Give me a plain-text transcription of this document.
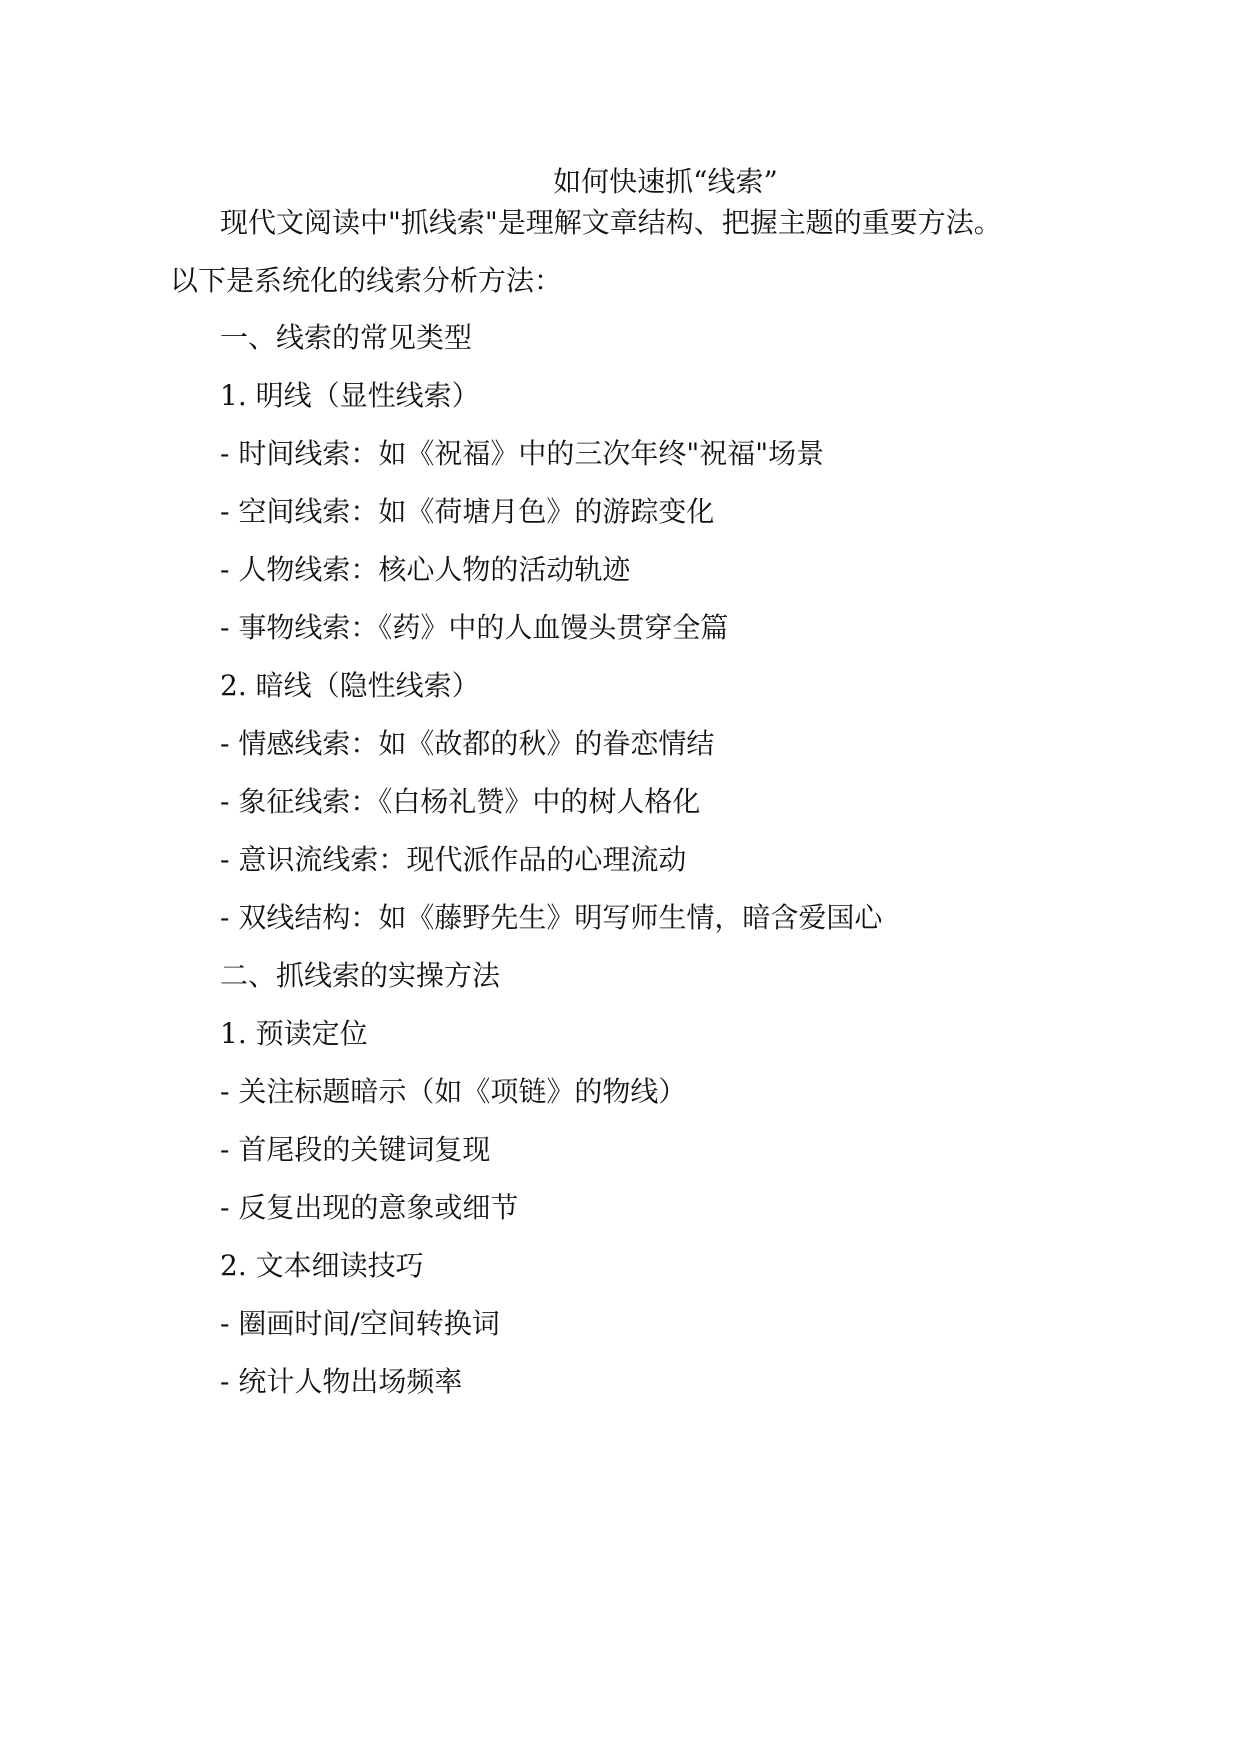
如何快速抓“线索”
现代文阅读中"抓线索"是理解文章结构、把握主题的重要方法。
以下是系统化的线索分析方法：
一、线索的常见类型
1. 明线（显性线索）
- 时间线索：如《祝福》中的三次年终"祝福"场景
- 空间线索：如《荷塘月色》的游踪变化
- 人物线索：核心人物的活动轨迹
- 事物线索：《药》中的人血馒头贯穿全篇
2. 暗线（隐性线索）
- 情感线索：如《故都的秋》的眷恋情结
- 象征线索：《白杨礼赞》中的树人格化
- 意识流线索：现代派作品的心理流动
- 双线结构：如《藤野先生》明写师生情，暗含爱国心
二、抓线索的实操方法
1. 预读定位
- 关注标题暗示（如《项链》的物线）
- 首尾段的关键词复现
- 反复出现的意象或细节
2. 文本细读技巧
- 圈画时间/空间转换词
- 统计人物出场频率
